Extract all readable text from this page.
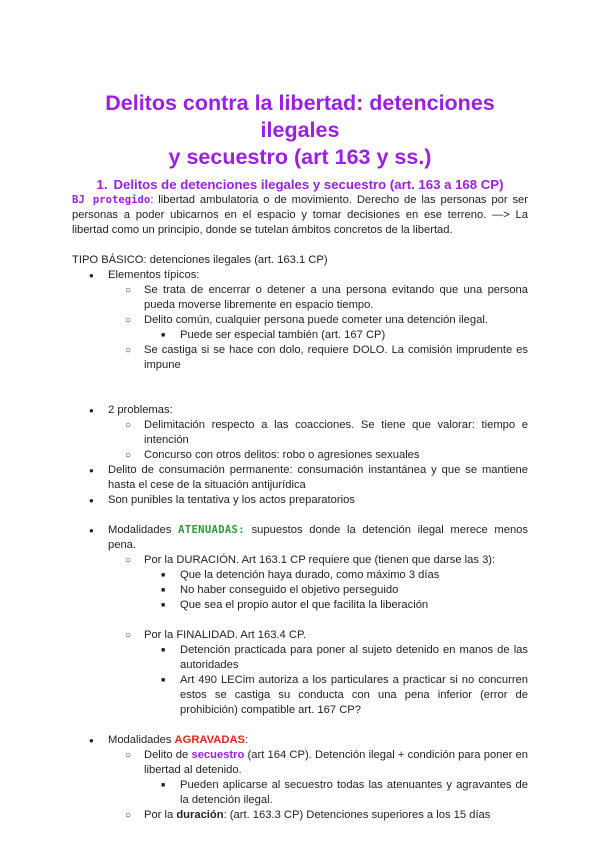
Delitos contra la libertad: detenciones ilegales
y secuestro (art 163 y ss.)
1. Delitos de detenciones ilegales y secuestro (art. 163 a 168 CP)

BJ protegido: libertad ambulatoria o de movimiento. Derecho de las personas por ser personas a poder ubicarnos en el espacio y tomar decisiones en ese terreno. —> La libertad como un principio, donde se tutelan ámbitos concretos de la libertad.

TIPO BÁSICO: detenciones ilegales (art. 163.1 CP)

● Elementos típicos:
○ Se trata de encerrar o detener a una persona evitando que una persona pueda moverse libremente en espacio tiempo.
○ Delito común, cualquier persona puede cometer una detención ilegal.
■ Puede ser especial también (art. 167 CP)
○ Se castiga si se hace con dolo, requiere DOLO. La comisión imprudente es impune
● 2 problemas:
○ Delimitación respecto a las coacciones. Se tiene que valorar: tiempo e intención
○ Concurso con otros delitos: robo o agresiones sexuales
● Delito de consumación permanente: consumación instantánea y que se mantiene hasta el cese de la situación antijurídica
● Son punibles la tentativa y los actos preparatorios
● Modalidades ATENUADAS: supuestos donde la detención ilegal merece menos pena.
○ Por la DURACIÓN. Art 163.1 CP requiere que (tienen que darse las 3):
■ Que la detención haya durado, como máximo 3 días
■ No haber conseguido el objetivo perseguido
■ Que sea el propio autor el que facilita la liberación
○ Por la FINALIDAD. Art 163.4 CP.
■ Detención practicada para poner al sujeto detenido en manos de las autoridades
■ Art 490 LECim autoriza a los particulares a practicar si no concurren estos se castiga su conducta con una pena inferior (error de prohibición) compatible art. 167 CP?
● Modalidades AGRAVADAS:
○ Delito de secuestro (art 164 CP). Detención ilegal + condición para poner en libertad al detenido.
■ Pueden aplicarse al secuestro todas las atenuantes y agravantes de la detención ilegal.
○ Por la duración: (art. 163.3 CP) Detenciones superiores a los 15 días
